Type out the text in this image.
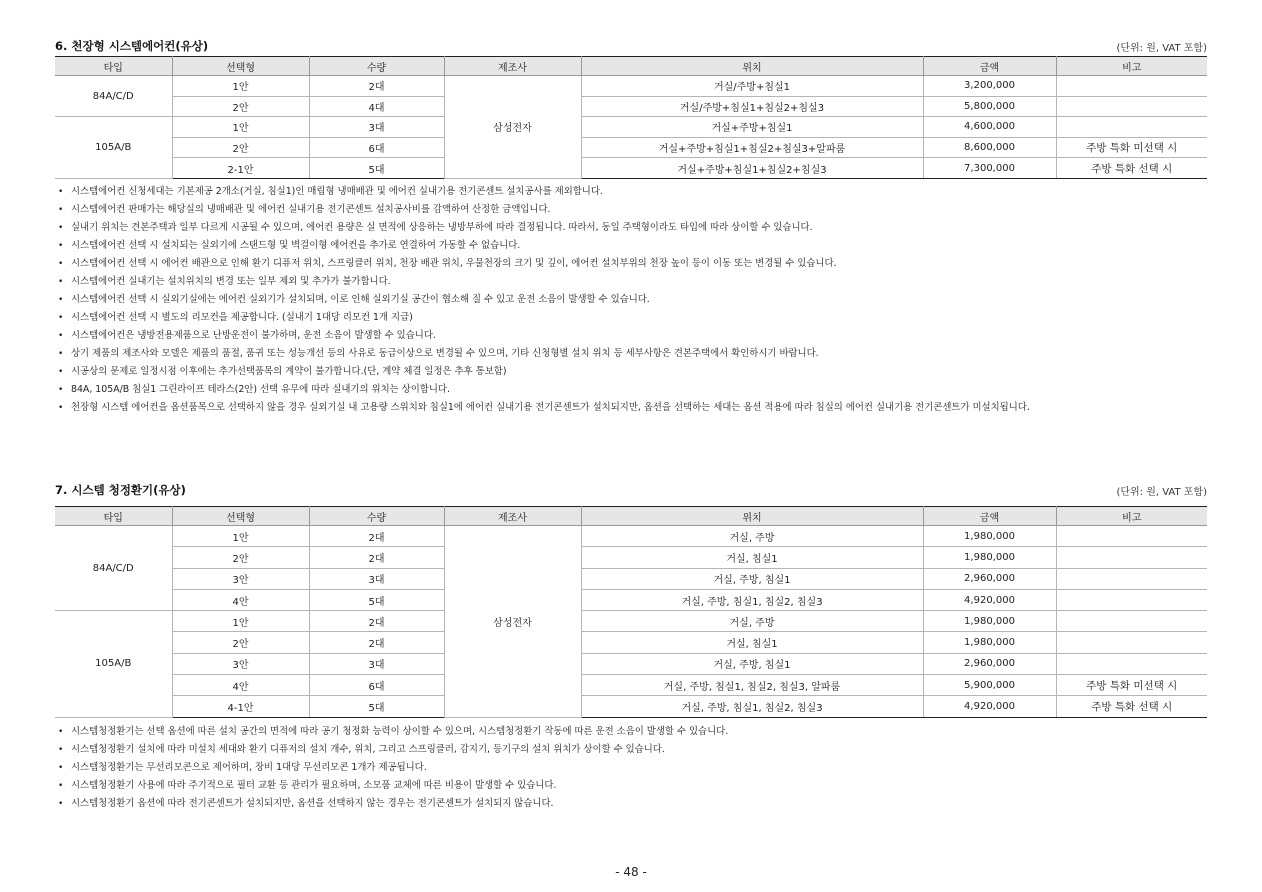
6. 천장형 시스템에어컨(유상)	(단위: 원, VAT 포함)
타입	선택형	수량	제조사	위치	금액	비고
84A/C/D	1안	2대	삼성전자	거실/주방+침실1	3,200,000	
	2안	4대		거실/주방+침실1+침실2+침실3	5,800,000	
105A/B	1안	3대		거실+주방+침실1	4,600,000	
	2안	6대		거실+주방+침실1+침실2+침실3+알파룸	8,600,000	주방 특화 미선택 시
	2-1안	5대		거실+주방+침실1+침실2+침실3	7,300,000	주방 특화 선택 시
• 시스템에어컨 신청세대는 기본제공 2개소(거실, 침실1)인 매립형 냉매배관 및 에어컨 실내기용 전기콘센트 설치공사를 제외합니다.
• 시스템에어컨 판매가는 해당실의 냉매배관 및 에어컨 실내기용 전기콘센트 설치공사비를 감액하여 산정한 금액입니다.
• 실내기 위치는 견본주택과 일부 다르게 시공될 수 있으며, 에어컨 용량은 실 면적에 상응하는 냉방부하에 따라 결정됩니다. 따라서, 동일 주택형이라도 타입에 따라 상이할 수 있습니다.
• 시스템에어컨 선택 시 설치되는 실외기에 스탠드형 및 벽걸이형 에어컨을 추가로 연결하여 가동할 수 없습니다.
• 시스템에어컨 선택 시 에어컨 배관으로 인해 환기 디퓨저 위치, 스프링클러 위치, 천장 배관 위치, 우물천장의 크기 및 깊이, 에어컨 설치부위의 천장 높이 등이 이동 또는 변경될 수 있습니다.
• 시스템에어컨 실내기는 설치위치의 변경 또는 일부 제외 및 추가가 불가합니다.
• 시스템에어컨 선택 시 실외기실에는 에어컨 실외기가 설치되며, 이로 인해 실외기실 공간이 협소해 질 수 있고 운전 소음이 발생할 수 있습니다.
• 시스템에어컨 선택 시 별도의 리모컨을 제공합니다. (실내기 1대당 리모컨 1개 지급)
• 시스템에어컨은 냉방전용제품으로 난방운전이 불가하며, 운전 소음이 발생할 수 있습니다.
• 상기 제품의 제조사와 모델은 제품의 품절, 품귀 또는 성능개선 등의 사유로 동급이상으로 변경될 수 있으며, 기타 신청형별 설치 위치 등 세부사항은 견본주택에서 확인하시기 바랍니다.
• 시공상의 문제로 일정시점 이후에는 추가선택품목의 계약이 불가합니다.(단, 계약 체결 일정은 추후 통보함)
• 84A, 105A/B 침실1 그린라이프 테라스(2안) 선택 유무에 따라 실내기의 위치는 상이합니다.
• 천장형 시스템 에어컨을 옵션품목으로 선택하지 않을 경우 실외기실 내 고용량 스위치와 침실1에 에어컨 실내기용 전기콘센트가 설치되지만, 옵션을 선택하는 세대는 옵션 적용에 따라 침실의 에어컨 실내기용 전기콘센트가 미설치됩니다.
7. 시스템 청정환기(유상)	(단위: 원, VAT 포함)
타입	선택형	수량	제조사	위치	금액	비고
84A/C/D	1안	2대	삼성전자	거실, 주방	1,980,000	
	2안	2대		거실, 침실1	1,980,000	
	3안	3대		거실, 주방, 침실1	2,960,000	
	4안	5대		거실, 주방, 침실1, 침실2, 침실3	4,920,000	
105A/B	1안	2대		거실, 주방	1,980,000	
	2안	2대		거실, 침실1	1,980,000	
	3안	3대		거실, 주방, 침실1	2,960,000	
	4안	6대		거실, 주방, 침실1, 침실2, 침실3, 알파룸	5,900,000	주방 특화 미선택 시
	4-1안	5대		거실, 주방, 침실1, 침실2, 침실3	4,920,000	주방 특화 선택 시
• 시스템청정환기는 선택 옵션에 따른 설치 공간의 면적에 따라 공기 청정화 능력이 상이할 수 있으며, 시스템청정환기 작동에 따른 운전 소음이 발생할 수 있습니다.
• 시스템청정환기 설치에 따라 미설치 세대와 환기 디퓨저의 설치 개수, 위치, 그리고 스프링클러, 감지기, 등기구의 설치 위치가 상이할 수 있습니다.
• 시스템청정환기는 무선리모콘으로 제어하며, 장비 1대당 무선리모콘 1개가 제공됩니다.
• 시스템청정환기 사용에 따라 주기적으로 필터 교환 등 관리가 필요하며, 소모품 교체에 따른 비용이 발생할 수 있습니다.
• 시스템청정환기 옵션에 따라 전기콘센트가 설치되지만, 옵션을 선택하지 않는 경우는 전기콘센트가 설치되지 않습니다.
- 48 -
